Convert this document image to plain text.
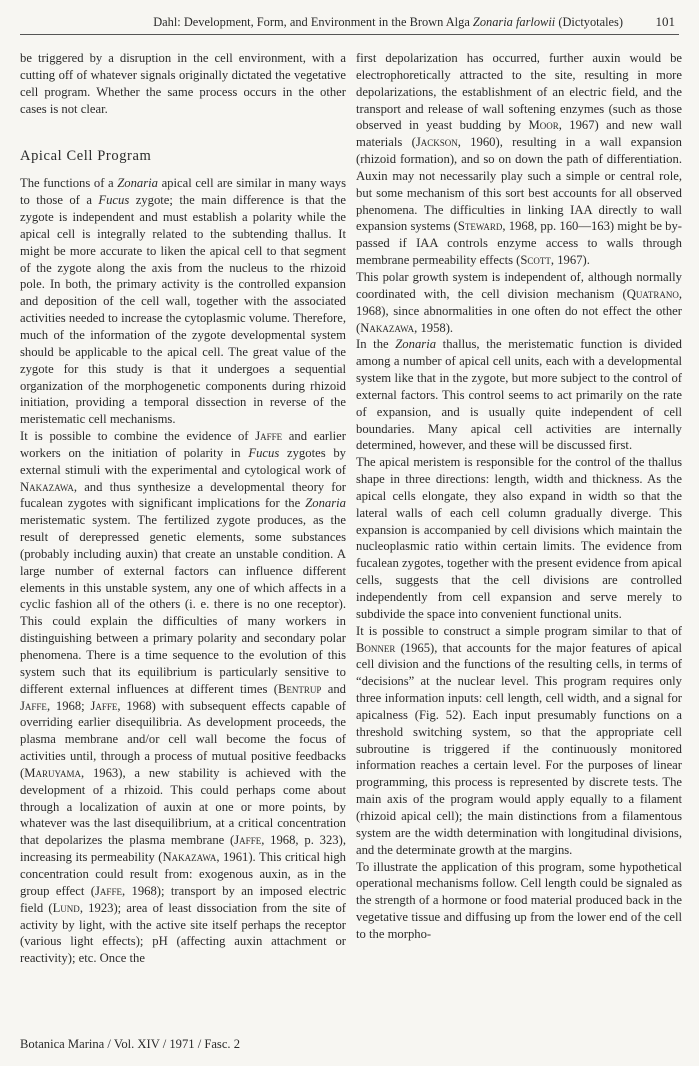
Dahl: Development, Form, and Environment in the Brown Alga Zonaria farlowii (Dictyotales)	101

be triggered by a disruption in the cell environment, with a cutting off of whatever signals originally dictated the vegetative cell program. Whether the same process occurs in the other cases is not clear.

Apical Cell Program

The functions of a Zonaria apical cell are similar in many ways to those of a Fucus zygote; the main difference is that the zygote is independent and must establish a polarity while the apical cell is integrally related to the subtending thallus. It might be more accurate to liken the apical cell to that segment of the zygote along the axis from the nucleus to the rhizoid pole. In both, the primary activity is the controlled expansion and deposition of the cell wall, together with the associated activities needed to increase the cytoplasmic volume. Therefore, much of the information of the zygote developmental system should be applicable to the apical cell. The great value of the zygote for this study is that it undergoes a sequential organization of the morphogenetic components during rhizoid initiation, providing a temporal dissection in reverse of the meristematic cell mechanisms.

It is possible to combine the evidence of Jaffe and earlier workers on the initiation of polarity in Fucus zygotes by external stimuli with the experimental and cytological work of Nakazawa, and thus synthesize a developmental theory for fucalean zygotes with significant implications for the Zonaria meristematic system. The fertilized zygote produces, as the result of derepressed genetic elements, some substances (probably including auxin) that create an unstable condition. A large number of external factors can influence different elements in this unstable system, any one of which affects in a cyclic fashion all of the others (i. e. there is no one receptor). This could explain the difficulties of many workers in distinguishing between a primary polarity and secondary polar phenomena. There is a time sequence to the evolution of this system such that its equilibrium is particularly sensitive to different external influences at different times (Bentrup and Jaffe, 1968; Jaffe, 1968) with subsequent effects capable of overriding earlier disequilibria. As development proceeds, the plasma membrane and/or cell wall become the focus of activities until, through a process of mutual positive feedbacks (Maruyama, 1963), a new stability is achieved with the development of a rhizoid. This could perhaps come about through a localization of auxin at one or more points, by whatever was the last disequilibrium, at a critical concentration that depolarizes the plasma membrane (Jaffe, 1968, p. 323), increasing its permeability (Nakazawa, 1961). This critical high concentration could result from: exogenous auxin, as in the group effect (Jaffe, 1968); transport by an imposed electric field (Lund, 1923); area of least dissociation from the site of activity by light, with the active site itself perhaps the receptor (various light effects); pH (affecting auxin attachment or reactivity); etc. Once the

first depolarization has occurred, further auxin would be electrophoretically attracted to the site, resulting in more depolarizations, the establishment of an electric field, and the transport and release of wall softening enzymes (such as those observed in yeast budding by Moor, 1967) and new wall materials (Jackson, 1960), resulting in a wall expansion (rhizoid formation), and so on down the path of differentiation. Auxin may not necessarily play such a simple or central role, but some mechanism of this sort best accounts for all observed phenomena. The difficulties in linking IAA directly to wall expansion systems (Steward, 1968, pp. 160—163) might be by-passed if IAA controls enzyme access to walls through membrane permeability effects (Scott, 1967).

This polar growth system is independent of, although normally coordinated with, the cell division mechanism (Quatrano, 1968), since abnormalities in one often do not effect the other (Nakazawa, 1958).

In the Zonaria thallus, the meristematic function is divided among a number of apical cell units, each with a developmental system like that in the zygote, but more subject to the control of external factors. This control seems to act primarily on the rate of expansion, and is usually quite independent of cell boundaries. Many apical cell activities are internally determined, however, and these will be discussed first.

The apical meristem is responsible for the control of the thallus shape in three directions: length, width and thickness. As the apical cells elongate, they also expand in width so that the lateral walls of each cell column gradually diverge. This expansion is accompanied by cell divisions which maintain the nucleoplasmic ratio within certain limits. The evidence from fucalean zygotes, together with the present evidence from apical cells, suggests that the cell divisions are controlled independently from cell expansion and serve merely to subdivide the space into convenient functional units.

It is possible to construct a simple program similar to that of Bonner (1965), that accounts for the major features of apical cell division and the functions of the resulting cells, in terms of “decisions” at the nuclear level. This program requires only three information inputs: cell length, cell width, and a signal for apicalness (Fig. 52). Each input presumably functions on a threshold switching system, so that the appropriate cell subroutine is triggered if the continuously monitored information reaches a certain level. For the purposes of linear programming, this process is represented by discrete tests. The main axis of the program would apply equally to a filament (rhizoid apical cell); the main distinctions from a filamentous system are the width determination with longitudinal divisions, and the determinate growth at the margins.

To illustrate the application of this program, some hypothetical operational mechanisms follow. Cell length could be signaled as the strength of a hormone or food material produced back in the vegetative tissue and diffusing up from the lower end of the cell to the morpho-

Botanica Marina / Vol. XIV / 1971 / Fasc. 2
